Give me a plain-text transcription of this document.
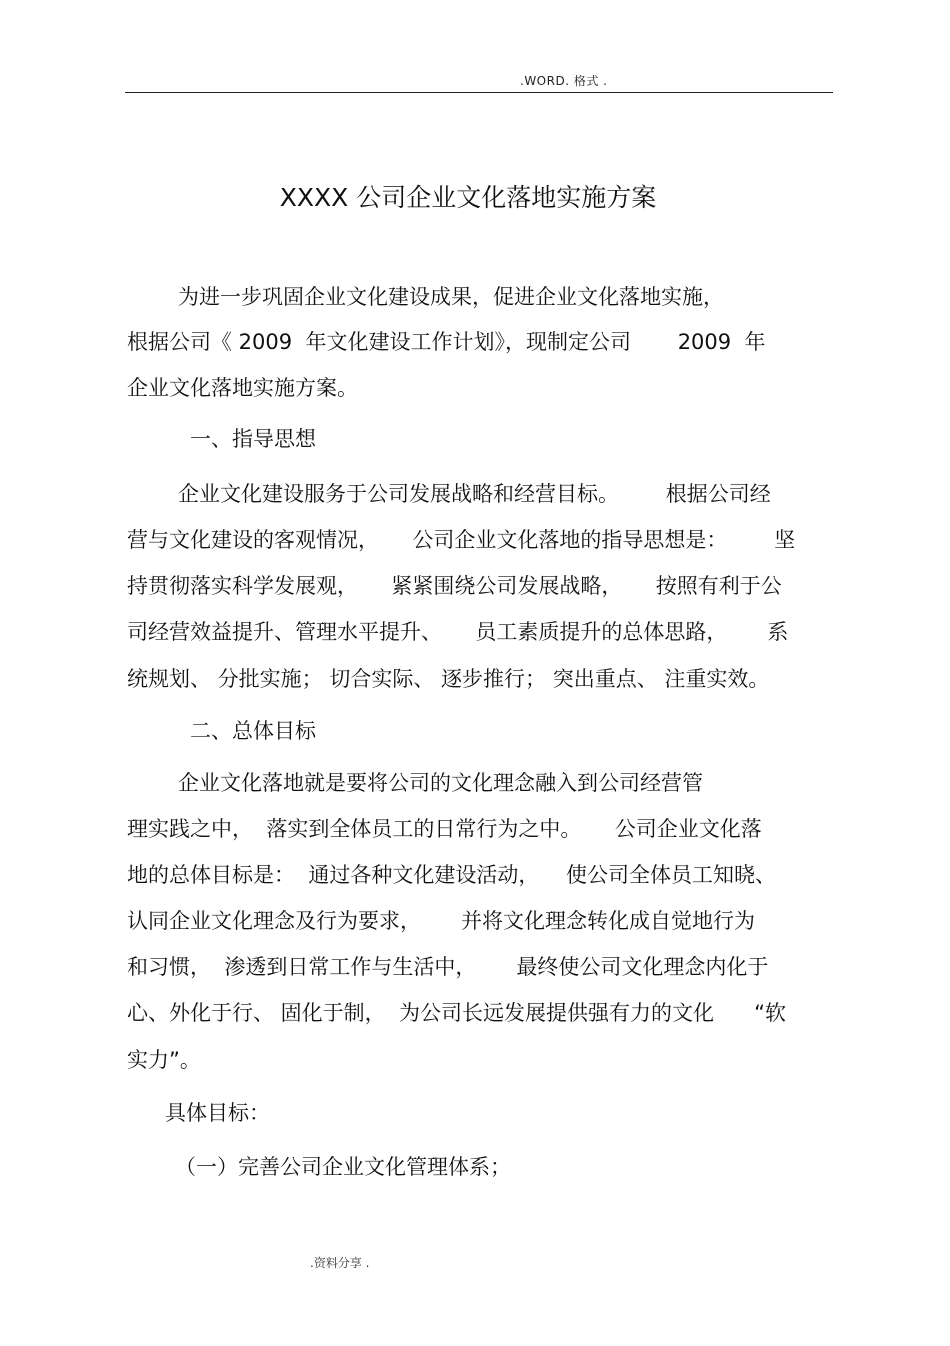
.WORD. 格式 .
XXXX 公司企业文化落地实施方案
为进一步巩固企业文化建设成果，促进企业文化落地实施，
根据公司《 2009  年文化建设工作计划》，现制定公司       2009  年
企业文化落地实施方案。
一、指导思想
企业文化建设服务于公司发展战略和经营目标。       根据公司经
营与文化建设的客观情况，     公司企业文化落地的指导思想是：       坚
持贯彻落实科学发展观，     紧紧围绕公司发展战略，     按照有利于公
司经营效益提升、管理水平提升、     员工素质提升的总体思路，      系
统规划、 分批实施； 切合实际、 逐步推行； 突出重点、 注重实效。
二、总体目标
企业文化落地就是要将公司的文化理念融入到公司经营管
理实践之中，  落实到全体员工的日常行为之中。     公司企业文化落
地的总体目标是：  通过各种文化建设活动，    使公司全体员工知晓、
认同企业文化理念及行为要求，      并将文化理念转化成自觉地行为
和习惯，  渗透到日常工作与生活中，      最终使公司文化理念内化于
心、外化于行、 固化于制，  为公司长远发展提供强有力的文化      “软
实力”。
具体目标：
（一）完善公司企业文化管理体系；
.资料分享 .
